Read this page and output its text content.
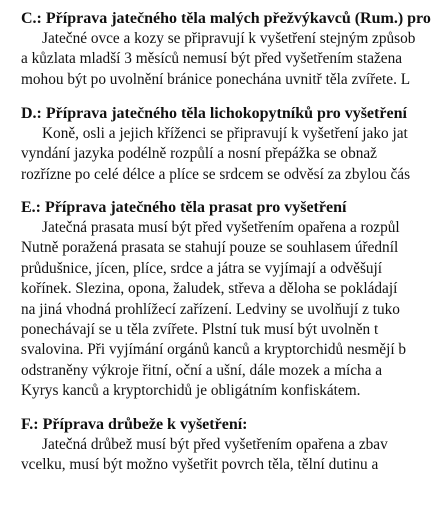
C.: Příprava jatečného těla malých přežvýkavců (Rum.) pro
Jatečné ovce a kozy se připravují k vyšetření stejným způsob
a kůzlata mladší 3 měsíců nemusí být před vyšetřením stažena
mohou být po uvolnění bránice ponechána uvnitř těla zvířete. L
D.: Příprava jatečného těla lichokopytníků pro vyšetření
Koně, osli a jejich kříženci se připravují k vyšetření jako jat
vyndání jazyka podélně rozpůlí a nosní přepážka se obnaž
rozřízne po celé délce a plíce se srdcem se odvěsí za zbylou čás
E.: Příprava jatečného těla prasat pro vyšetření
Jatečná prasata musí být před vyšetřením opařena a rozpůl
Nutně poražená prasata se stahují pouze se souhlasem úředníl
průdušnice, jícen, plíce, srdce a játra se vyjímají a odvěšují
kořínek. Slezina, opona, žaludek, střeva a děloha se pokládají
na jiná vhodná prohlížecí zařízení. Ledviny se uvolňují z tuko
ponechávají se u těla zvířete. Plstní tuk musí být uvolněn t
svalovina. Při vyjímání orgánů kanců a kryptorchidů nesmějí b
odstraněny výkroje řitní, oční a ušní, dále mozek a mícha a
Kyrys kanců a kryptorchidů je obligátním konfiskátem.
F.: Příprava drůbeže k vyšetření:
Jatečná drůbež musí být před vyšetřením opařena a zbav
vcelku, musí být možno vyšetřit povrch těla, tělní dutinu a
